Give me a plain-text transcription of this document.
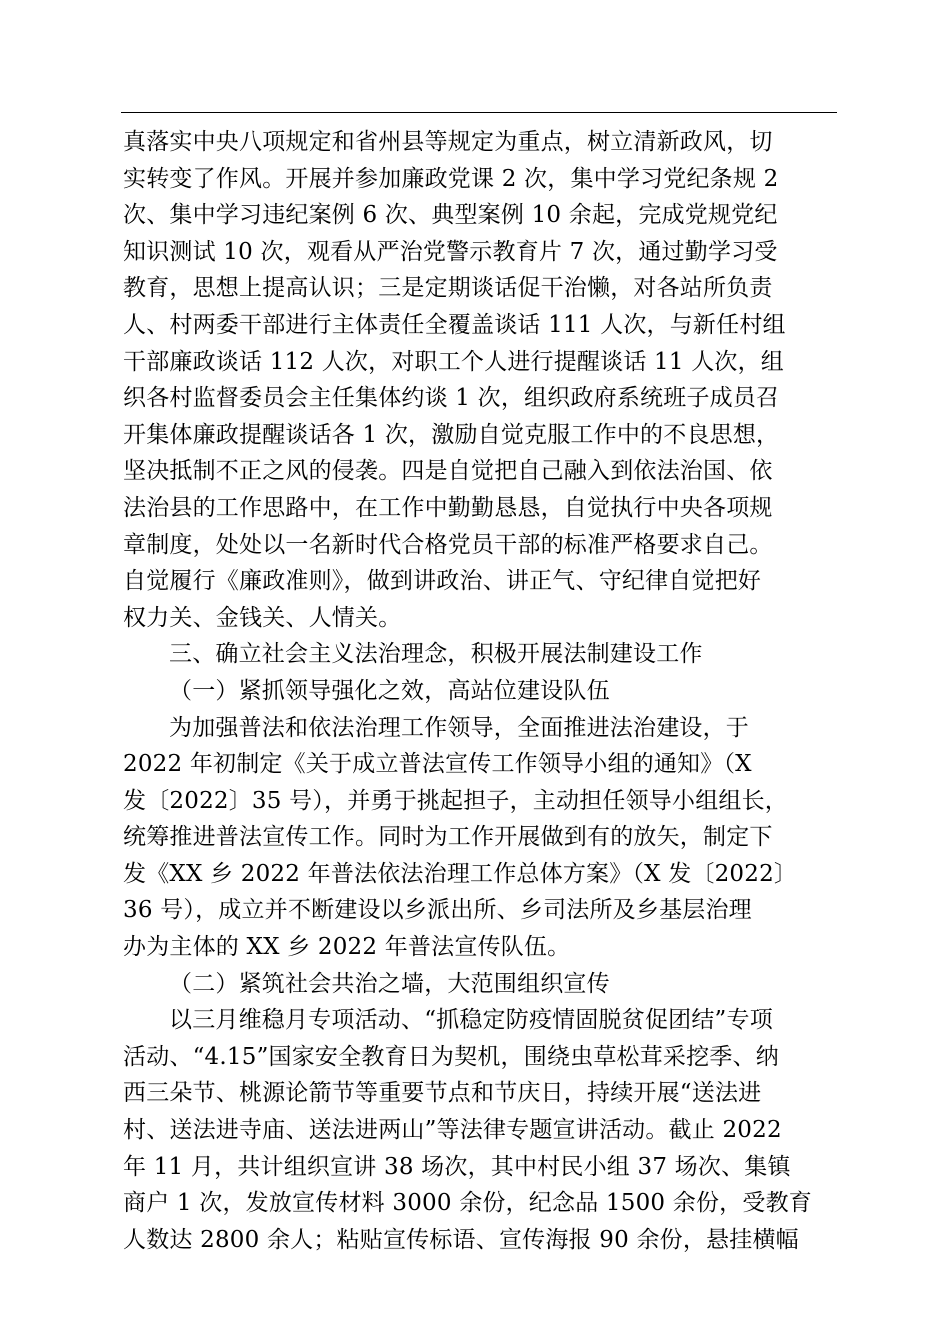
真落实中央八项规定和省州县等规定为重点，树立清新政风，切
实转变了作风。开展并参加廉政党课 2 次，集中学习党纪条规 2
次、集中学习违纪案例 6 次、典型案例 10 余起，完成党规党纪
知识测试 10 次，观看从严治党警示教育片 7 次，通过勤学习受
教育，思想上提高认识；三是定期谈话促干治懒，对各站所负责
人、村两委干部进行主体责任全覆盖谈话 111 人次，与新任村组
干部廉政谈话 112 人次，对职工个人进行提醒谈话 11 人次，组
织各村监督委员会主任集体约谈 1 次，组织政府系统班子成员召
开集体廉政提醒谈话各 1 次，激励自觉克服工作中的不良思想，
坚决抵制不正之风的侵袭。四是自觉把自己融入到依法治国、依
法治县的工作思路中，在工作中勤勤恳恳，自觉执行中央各项规
章制度，处处以一名新时代合格党员干部的标准严格要求自己。
自觉履行《廉政准则》，做到讲政治、讲正气、守纪律自觉把好
权力关、金钱关、人情关。
三、确立社会主义法治理念，积极开展法制建设工作
（一）紧抓领导强化之效，高站位建设队伍
为加强普法和依法治理工作领导，全面推进法治建设，于
2022 年初制定《关于成立普法宣传工作领导小组的通知》（X
发〔2022〕35 号），并勇于挑起担子，主动担任领导小组组长，
统筹推进普法宣传工作。同时为工作开展做到有的放矢，制定下
发《XX 乡 2022 年普法依法治理工作总体方案》（X 发〔2022〕
36 号），成立并不断建设以乡派出所、乡司法所及乡基层治理
办为主体的 XX 乡 2022 年普法宣传队伍。
（二）紧筑社会共治之墙，大范围组织宣传
以三月维稳月专项活动、“抓稳定防疫情固脱贫促团结”专项
活动、“4.15”国家安全教育日为契机，围绕虫草松茸采挖季、纳
西三朵节、桃源论箭节等重要节点和节庆日，持续开展“送法进
村、送法进寺庙、送法进两山”等法律专题宣讲活动。截止 2022
年 11 月，共计组织宣讲 38 场次，其中村民小组 37 场次、集镇
商户 1 次，发放宣传材料 3000 余份，纪念品 1500 余份，受教育
人数达 2800 余人；粘贴宣传标语、宣传海报 90 余份，悬挂横幅
